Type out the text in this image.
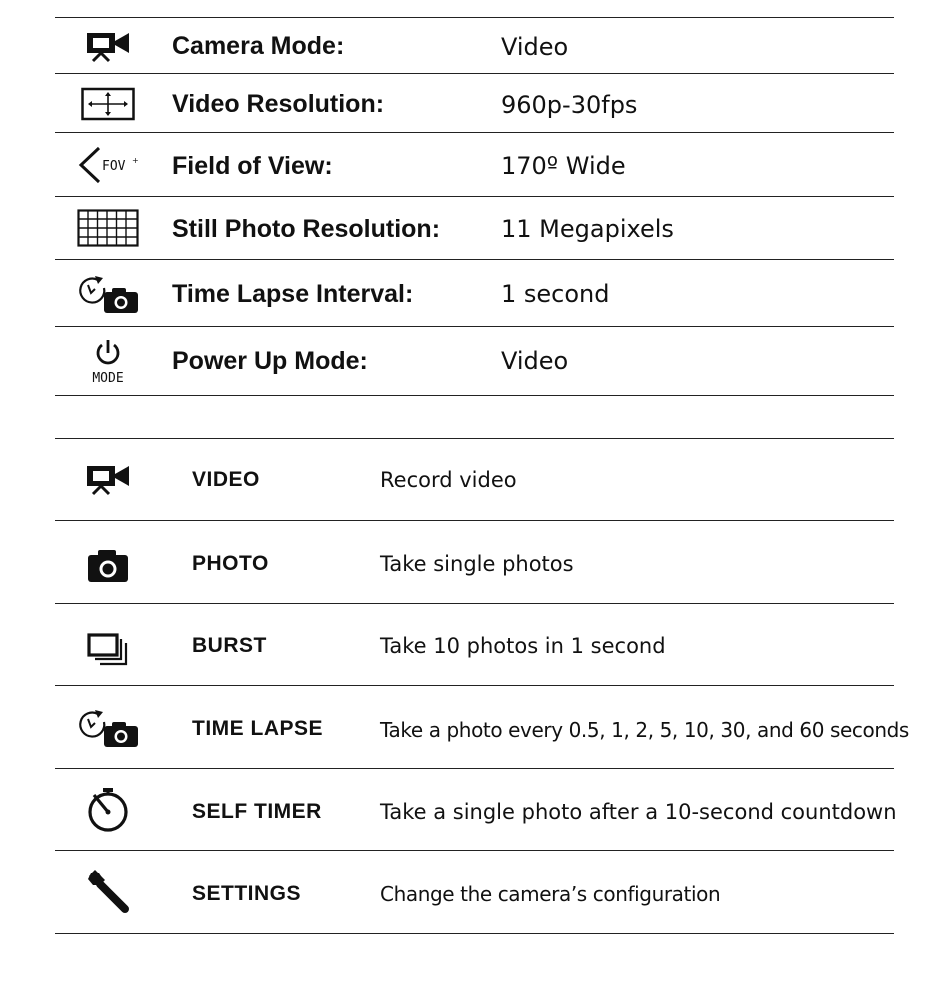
Camera Mode:	Video
Video Resolution:	960p-30fps
FOV + Field of View:	170º Wide
Still Photo Resolution:	11 Megapixels
Time Lapse Interval:	1 second
MODE
Power Up Mode:	Video
VIDEO	Record video
PHOTO	Take single photos
BURST	Take 10 photos in 1 second
TIME LAPSE	Take a photo every 0.5, 1, 2, 5, 10, 30, and 60 seconds
SELF TIMER	Take a single photo after a 10-second countdown
SETTINGS	Change the camera’s configuration
